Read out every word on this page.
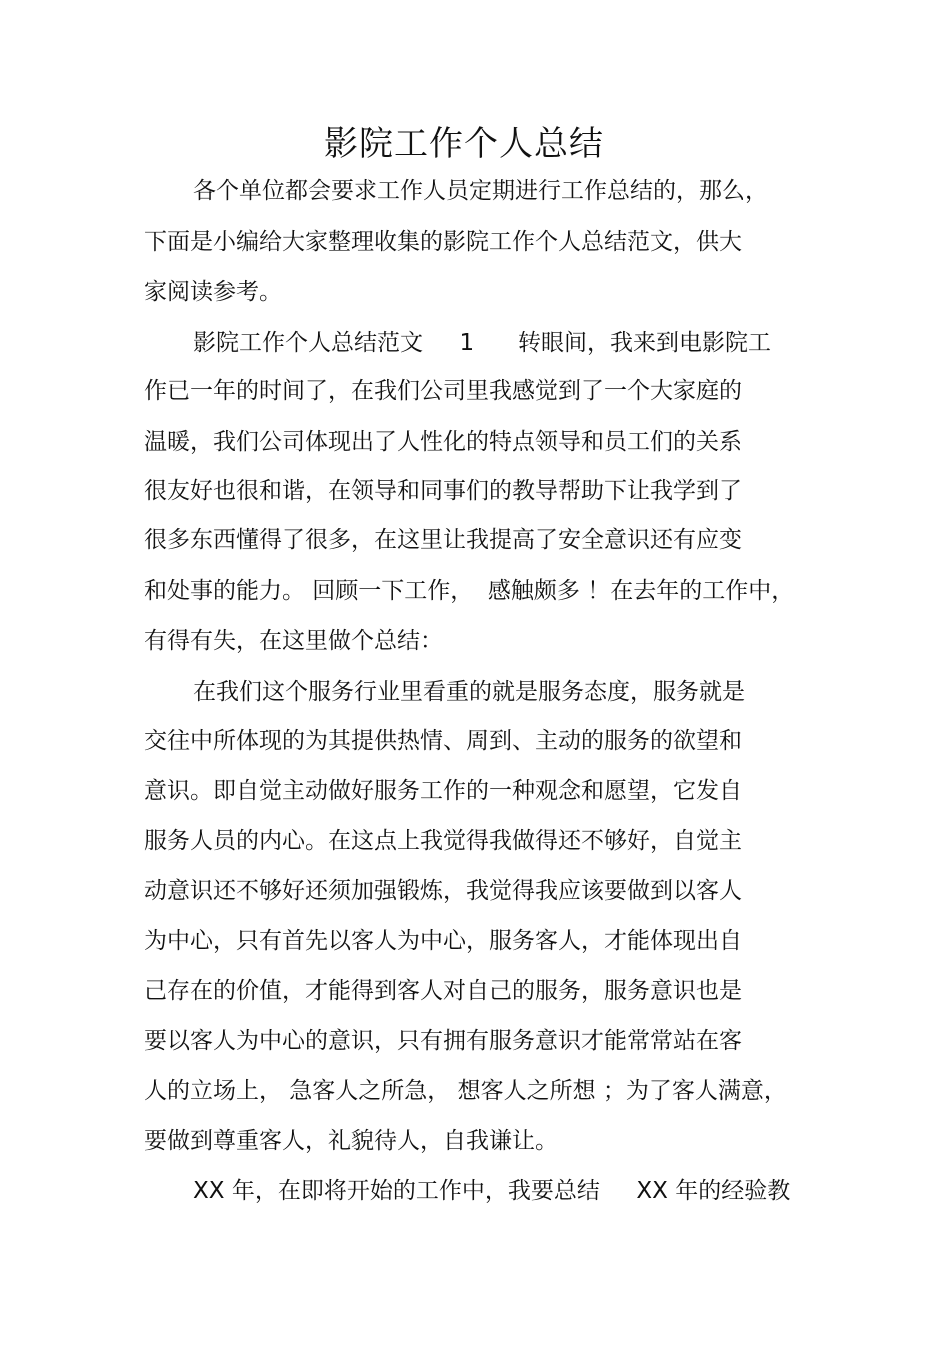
影院工作个人总结
各个单位都会要求工作人员定期进行工作总结的，那么，
下面是小编给大家整理收集的影院工作个人总结范文，供大
家阅读参考。
影院工作个人总结范文     1      转眼间，我来到电影院工
作已一年的时间了，在我们公司里我感觉到了一个大家庭的
温暖，我们公司体现出了人性化的特点领导和员工们的关系
很友好也很和谐，在领导和同事们的教导帮助下让我学到了
很多东西懂得了很多，在这里让我提高了安全意识还有应变
和处事的能力。 回顾一下工作，  感触颇多 ！在去年的工作中，
有得有失，在这里做个总结：
在我们这个服务行业里看重的就是服务态度，服务就是
交往中所体现的为其提供热情、周到、主动的服务的欲望和
意识。即自觉主动做好服务工作的一种观念和愿望，它发自
服务人员的内心。在这点上我觉得我做得还不够好，自觉主
动意识还不够好还须加强锻炼，我觉得我应该要做到以客人
为中心，只有首先以客人为中心，服务客人，才能体现出自
己存在的价值，才能得到客人对自己的服务，服务意识也是
要以客人为中心的意识，只有拥有服务意识才能常常站在客
人的立场上， 急客人之所急， 想客人之所想 ；为了客人满意，
要做到尊重客人，礼貌待人，自我谦让。
XX 年，在即将开始的工作中，我要总结     XX 年的经验教
